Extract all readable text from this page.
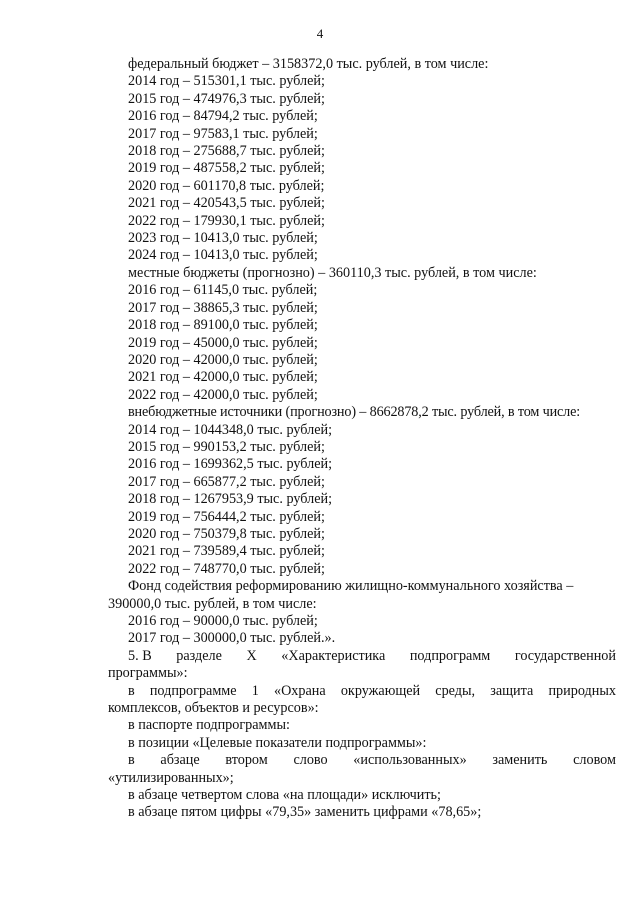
4
федеральный бюджет – 3158372,0 тыс. рублей, в том числе:
2014 год – 515301,1 тыс. рублей;
2015 год – 474976,3 тыс. рублей;
2016 год – 84794,2 тыс. рублей;
2017 год – 97583,1 тыс. рублей;
2018 год – 275688,7 тыс. рублей;
2019 год – 487558,2 тыс. рублей;
2020 год – 601170,8 тыс. рублей;
2021 год – 420543,5 тыс. рублей;
2022 год – 179930,1 тыс. рублей;
2023 год – 10413,0 тыс. рублей;
2024 год – 10413,0 тыс. рублей;
местные бюджеты (прогнозно) – 360110,3 тыс. рублей, в том числе:
2016 год – 61145,0 тыс. рублей;
2017 год – 38865,3 тыс. рублей;
2018 год – 89100,0 тыс. рублей;
2019 год – 45000,0 тыс. рублей;
2020 год – 42000,0 тыс. рублей;
2021 год – 42000,0 тыс. рублей;
2022 год – 42000,0 тыс. рублей;
внебюджетные источники (прогнозно) – 8662878,2 тыс. рублей, в том числе:
2014 год – 1044348,0 тыс. рублей;
2015 год – 990153,2 тыс. рублей;
2016 год – 1699362,5 тыс. рублей;
2017 год – 665877,2 тыс. рублей;
2018 год – 1267953,9 тыс. рублей;
2019 год – 756444,2 тыс. рублей;
2020 год – 750379,8 тыс. рублей;
2021 год – 739589,4 тыс. рублей;
2022 год – 748770,0 тыс. рублей;
Фонд содействия реформированию жилищно-коммунального хозяйства –
390000,0 тыс. рублей, в том числе:
2016 год – 90000,0 тыс. рублей;
2017 год – 300000,0 тыс. рублей.».
5. В разделе X «Характеристика подпрограмм государственной
программы»:
в подпрограмме 1 «Охрана окружающей среды, защита природных
комплексов, объектов и ресурсов»:
в паспорте подпрограммы:
в позиции «Целевые показатели подпрограммы»:
в абзаце втором слово «использованных» заменить словом
«утилизированных»;
в абзаце четвертом слова «на площади» исключить;
в абзаце пятом цифры «79,35» заменить цифрами «78,65»;
